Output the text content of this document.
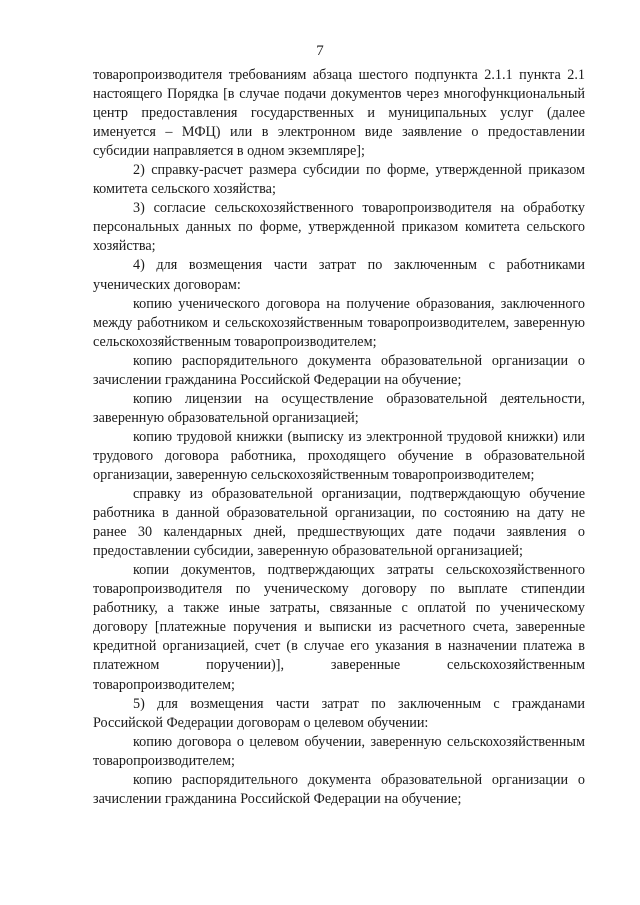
7

товаропроизводителя требованиям абзаца шестого подпункта 2.1.1 пункта 2.1 настоящего Порядка [в случае подачи документов через многофункциональный центр предоставления государственных и муниципальных услуг (далее именуется – МФЦ) или в электронном виде заявление о предоставлении субсидии направляется в одном экземпляре];

2) справку-расчет размера субсидии по форме, утвержденной приказом комитета сельского хозяйства;

3) согласие сельскохозяйственного товаропроизводителя на обработку персональных данных по форме, утвержденной приказом комитета сельского хозяйства;

4) для возмещения части затрат по заключенным с работниками ученических договорам:

копию ученического договора на получение образования, заключенного между работником и сельскохозяйственным товаропроизводителем, заверенную сельскохозяйственным товаропроизводителем;

копию распорядительного документа образовательной организации о зачислении гражданина Российской Федерации на обучение;

копию лицензии на осуществление образовательной деятельности, заверенную образовательной организацией;

копию трудовой книжки (выписку из электронной трудовой книжки) или трудового договора работника, проходящего обучение в образовательной организации, заверенную сельскохозяйственным товаропроизводителем;

справку из образовательной организации, подтверждающую обучение работника в данной образовательной организации, по состоянию на дату не ранее 30 календарных дней, предшествующих дате подачи заявления о предоставлении субсидии, заверенную образовательной организацией;

копии документов, подтверждающих затраты сельскохозяйственного товаропроизводителя по ученическому договору по выплате стипендии работнику, а также иные затраты, связанные с оплатой по ученическому договору [платежные поручения и выписки из расчетного счета, заверенные кредитной организацией, счет (в случае его указания в назначении платежа в платежном поручении)], заверенные сельскохозяйственным товаропроизводителем;

5) для возмещения части затрат по заключенным с гражданами Российской Федерации договорам о целевом обучении:

копию договора о целевом обучении, заверенную сельскохозяйственным товаропроизводителем;

копию распорядительного документа образовательной организации о зачислении гражданина Российской Федерации на обучение;
